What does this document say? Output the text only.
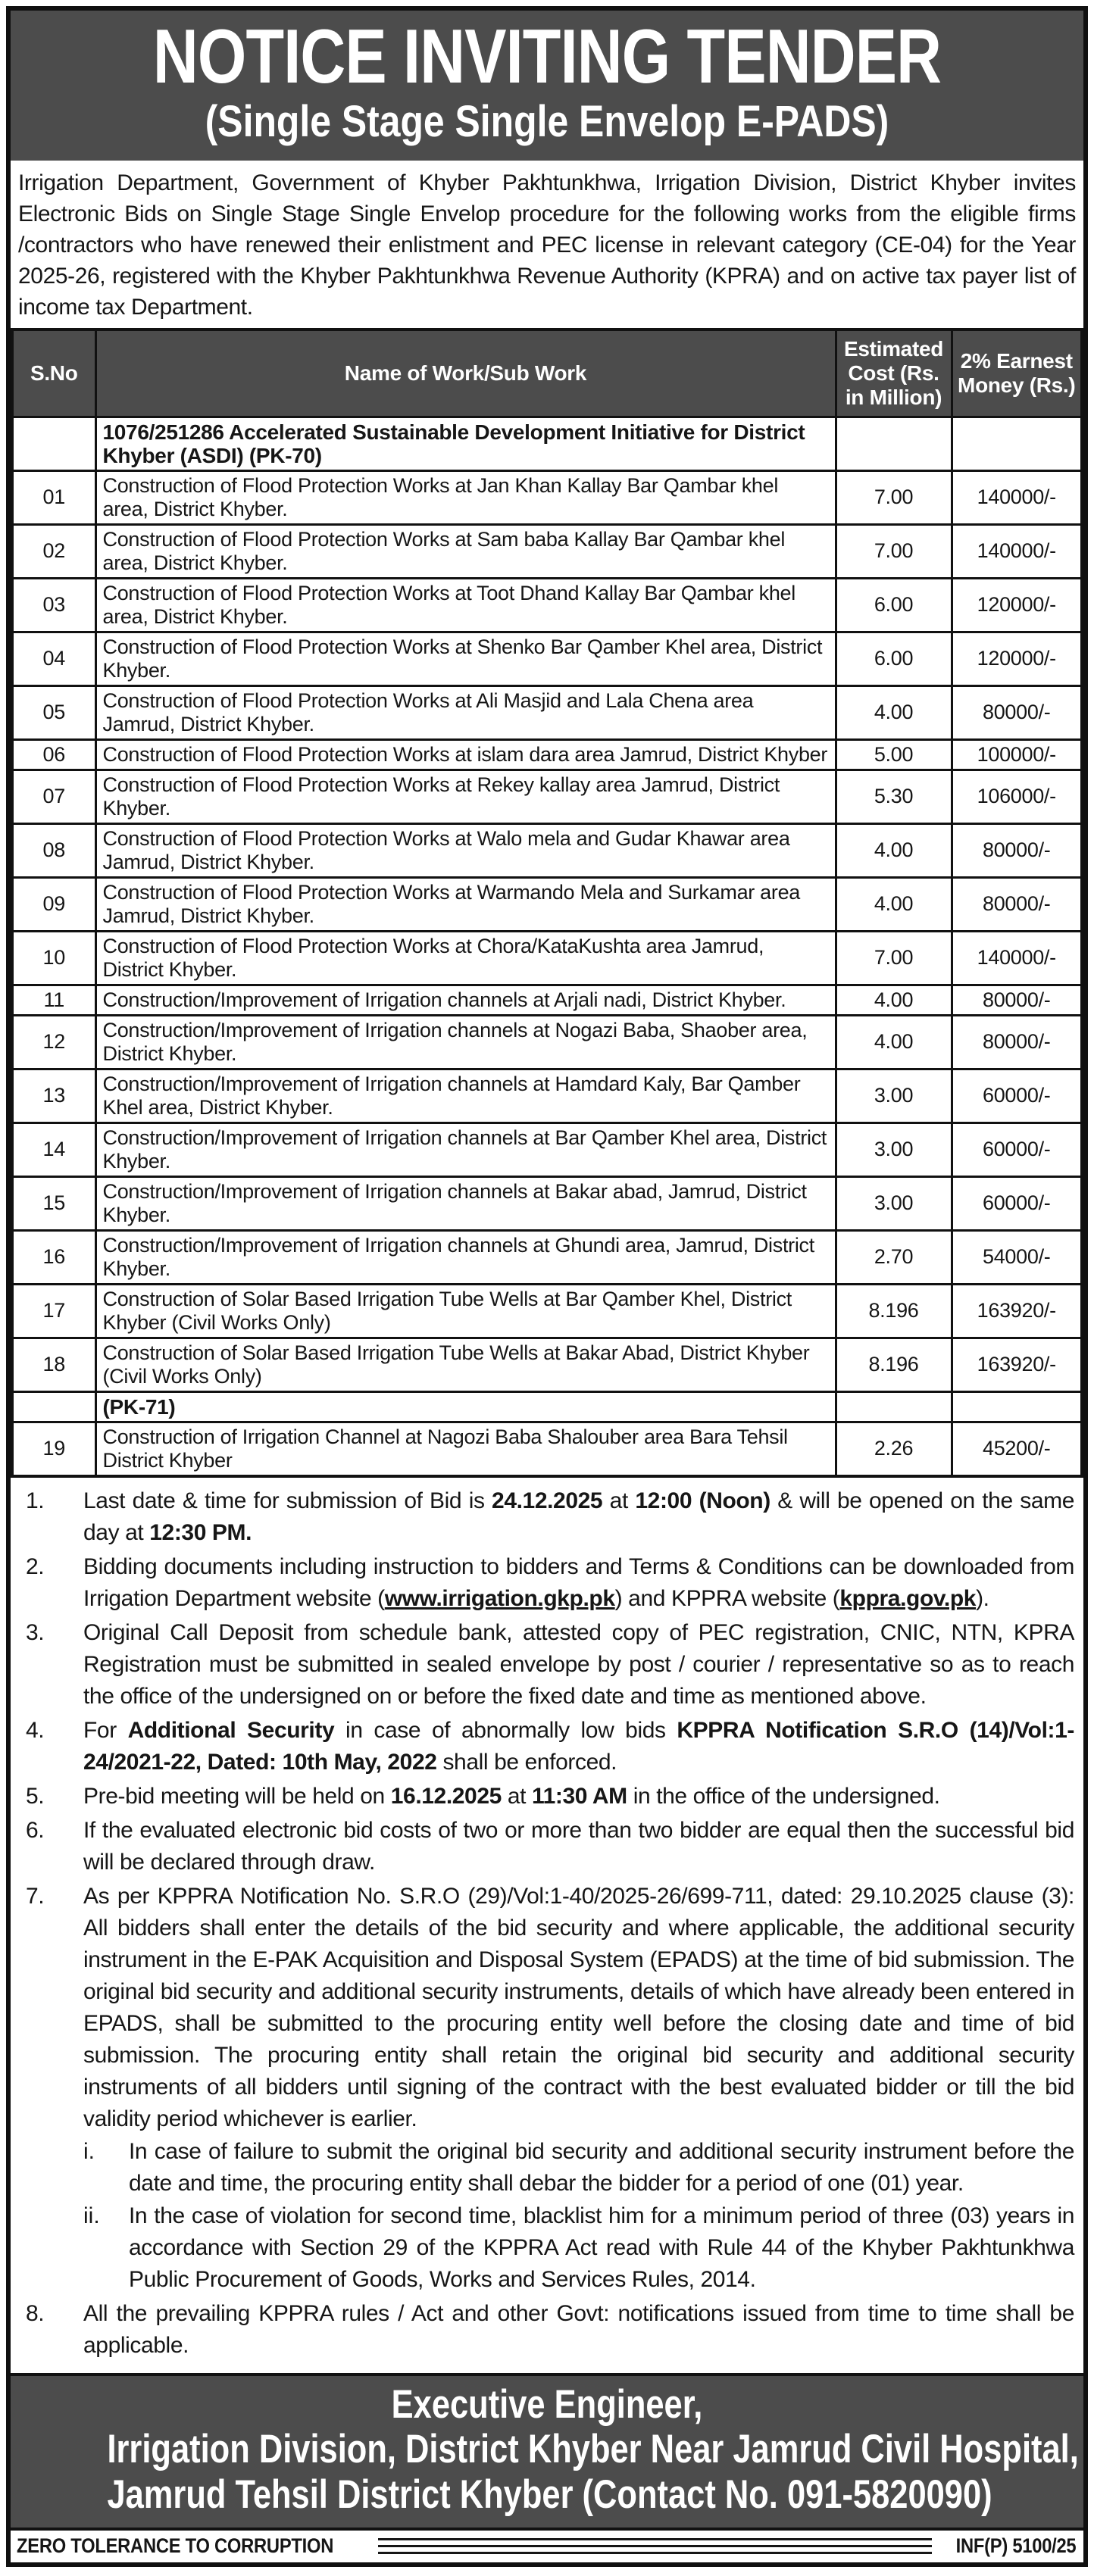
NOTICE INVITING TENDER
(Single Stage Single Envelop E-PADS)

Irrigation Department, Government of Khyber Pakhtunkhwa, Irrigation Division, District Khyber invites Electronic Bids on Single Stage Single Envelop procedure for the following works from the eligible firms /contractors who have renewed their enlistment and PEC license in relevant category (CE-04) for the Year 2025-26, registered with the Khyber Pakhtunkhwa Revenue Authority (KPRA) and on active tax payer list of income tax Department.

S.No	Name of Work/Sub Work	Estimated Cost (Rs. in Million)	2% Earnest Money (Rs.)
	1076/251286 Accelerated Sustainable Development Initiative for District Khyber (ASDI) (PK-70)		
01	Construction of Flood Protection Works at Jan Khan Kallay Bar Qambar khel area, District Khyber.	7.00	140000/-
02	Construction of Flood Protection Works at Sam baba Kallay Bar Qambar khel area, District Khyber.	7.00	140000/-
03	Construction of Flood Protection Works at Toot Dhand Kallay Bar Qambar khel area, District Khyber.	6.00	120000/-
04	Construction of Flood Protection Works at Shenko Bar Qamber Khel area, District Khyber.	6.00	120000/-
05	Construction of Flood Protection Works at Ali Masjid and Lala Chena area Jamrud, District Khyber.	4.00	80000/-
06	Construction of Flood Protection Works at islam dara area Jamrud, District Khyber	5.00	100000/-
07	Construction of Flood Protection Works at Rekey kallay area Jamrud, District Khyber.	5.30	106000/-
08	Construction of Flood Protection Works at Walo mela and Gudar Khawar area Jamrud, District Khyber.	4.00	80000/-
09	Construction of Flood Protection Works at Warmando Mela and Surkamar area Jamrud, District Khyber.	4.00	80000/-
10	Construction of Flood Protection Works at Chora/KataKushta area Jamrud, District Khyber.	7.00	140000/-
11	Construction/Improvement of Irrigation channels at Arjali nadi, District Khyber.	4.00	80000/-
12	Construction/Improvement of Irrigation channels at Nogazi Baba, Shaober area, District Khyber.	4.00	80000/-
13	Construction/Improvement of Irrigation channels at Hamdard Kaly, Bar Qamber Khel area, District Khyber.	3.00	60000/-
14	Construction/Improvement of Irrigation channels at Bar Qamber Khel area, District Khyber.	3.00	60000/-
15	Construction/Improvement of Irrigation channels at Bakar abad, Jamrud, District Khyber.	3.00	60000/-
16	Construction/Improvement of Irrigation channels at Ghundi area, Jamrud, District Khyber.	2.70	54000/-
17	Construction of Solar Based Irrigation Tube Wells at Bar Qamber Khel, District Khyber (Civil Works Only)	8.196	163920/-
18	Construction of Solar Based Irrigation Tube Wells at Bakar Abad, District Khyber (Civil Works Only)	8.196	163920/-
	(PK-71)		
19	Construction of Irrigation Channel at Nagozi Baba Shalouber area Bara Tehsil District Khyber	2.26	45200/-
1.	Last date & time for submission of Bid is 24.12.2025 at 12:00 (Noon) & will be opened on the same day at 12:30 PM.
2.	Bidding documents including instruction to bidders and Terms & Conditions can be downloaded from Irrigation Department website (www.irrigation.gkp.pk) and KPPRA website (kppra.gov.pk).
3.	Original Call Deposit from schedule bank, attested copy of PEC registration, CNIC, NTN, KPRA Registration must be submitted in sealed envelope by post / courier / representative so as to reach the office of the undersigned on or before the fixed date and time as mentioned above.
4.	For Additional Security in case of abnormally low bids KPPRA Notification S.R.O (14)/Vol:1-24/2021-22, Dated: 10th May, 2022 shall be enforced.
5.	Pre-bid meeting will be held on 16.12.2025 at 11:30 AM in the office of the undersigned.
6.	If the evaluated electronic bid costs of two or more than two bidder are equal then the successful bid will be declared through draw.
7.	As per KPPRA Notification No. S.R.O (29)/Vol:1-40/2025-26/699-711, dated: 29.10.2025 clause (3): All bidders shall enter the details of the bid security and where applicable, the additional security instrument in the E-PAK Acquisition and Disposal System (EPADS) at the time of bid submission. The original bid security and additional security instruments, details of which have already been entered in EPADS, shall be submitted to the procuring entity well before the closing date and time of bid submission. The procuring entity shall retain the original bid security and additional security instruments of all bidders until signing of the contract with the best evaluated bidder or till the bid validity period whichever is earlier.
i.	In case of failure to submit the original bid security and additional security instrument before the date and time, the procuring entity shall debar the bidder for a period of one (01) year.
ii.	In the case of violation for second time, blacklist him for a minimum period of three (03) years in accordance with Section 29 of the KPPRA Act read with Rule 44 of the Khyber Pakhtunkhwa Public Procurement of Goods, Works and Services Rules, 2014.
8.	All the prevailing KPPRA rules / Act and other Govt: notifications issued from time to time shall be applicable.
Executive Engineer,
Irrigation Division, District Khyber Near Jamrud Civil Hospital,
Jamrud Tehsil District Khyber (Contact No. 091-5820090)
ZERO TOLERANCE TO CORRUPTION	INF(P) 5100/25
